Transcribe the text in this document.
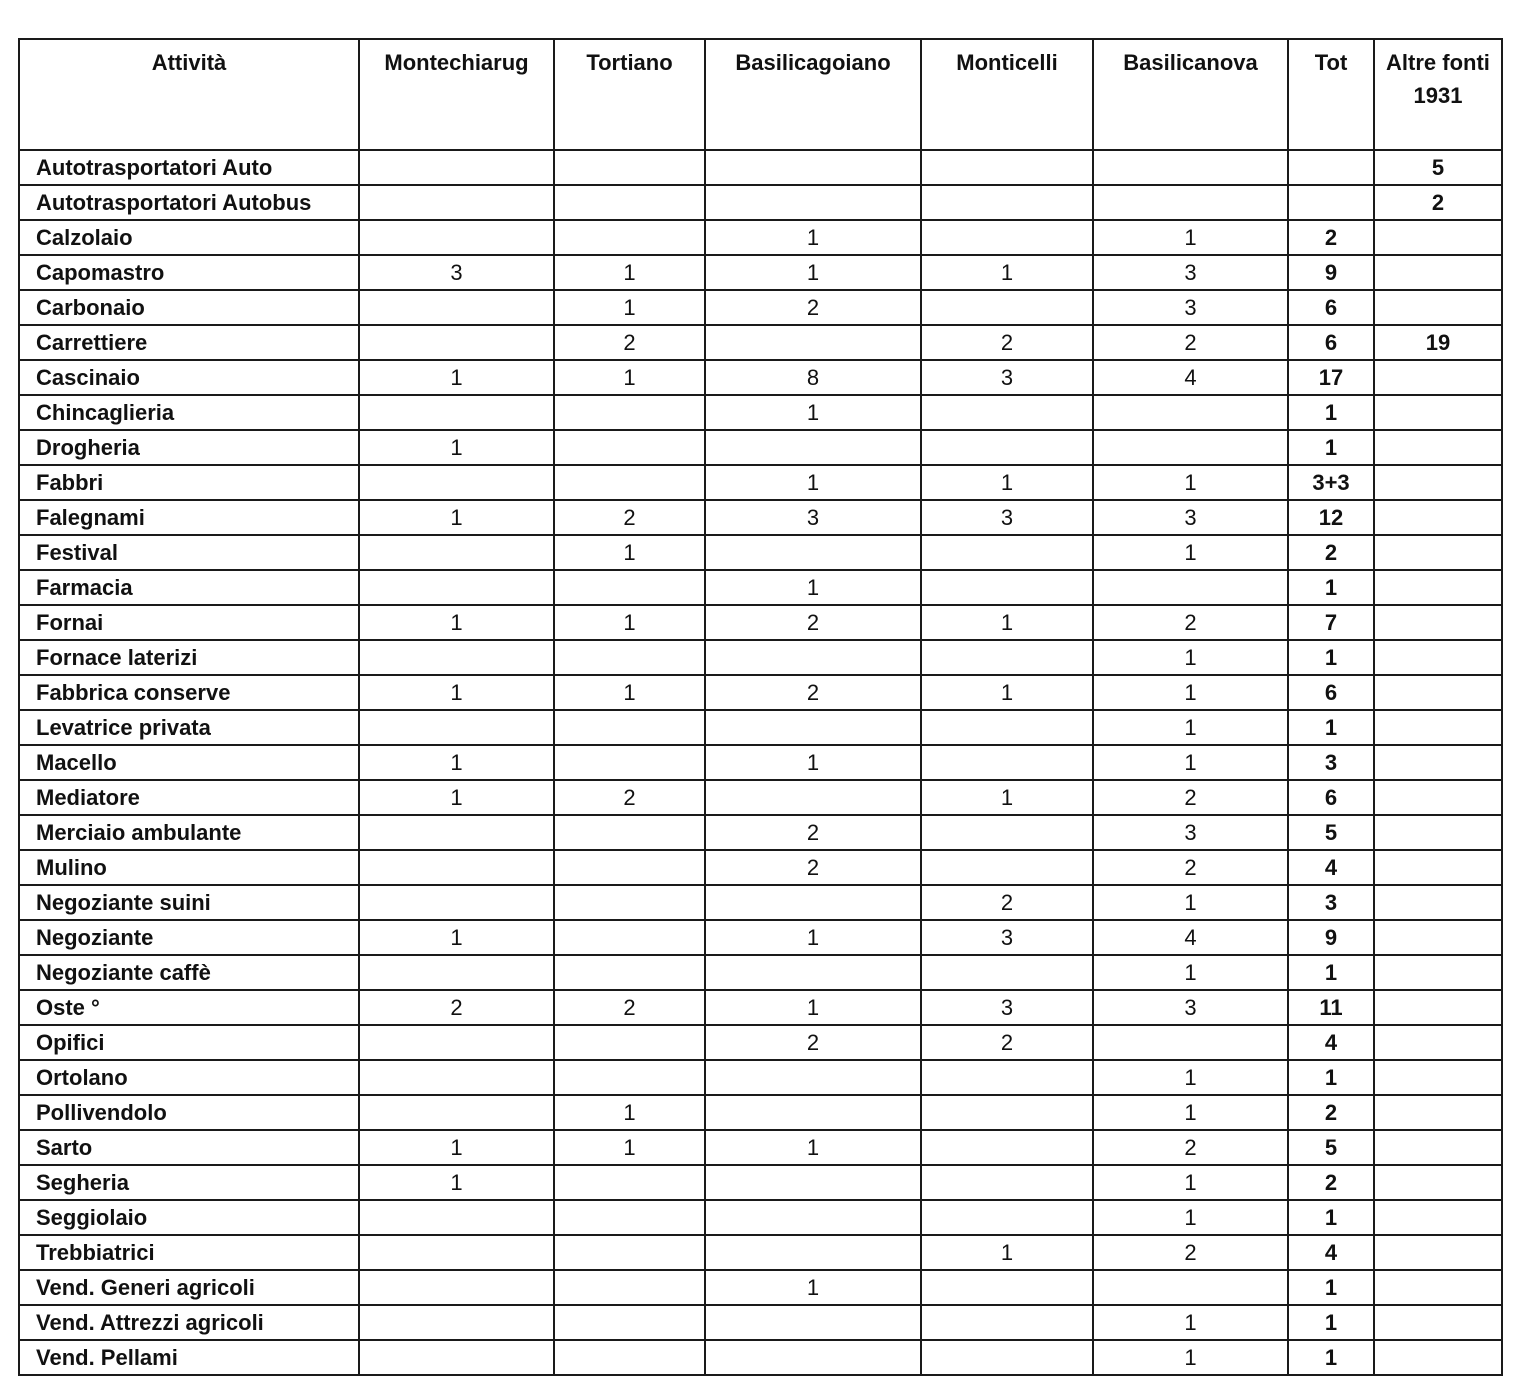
Attività	Montechiarug	Tortiano	Basilicagoiano	Monticelli	Basilicanova	Tot	Altre fonti 1931
Autotrasportatori Auto							5
Autotrasportatori Autobus							2
Calzolaio			1		1	2	
Capomastro	3	1	1	1	3	9	
Carbonaio		1	2		3	6	
Carrettiere		2		2	2	6	19
Cascinaio	1	1	8	3	4	17	
Chincaglieria			1			1	
Drogheria	1					1	
Fabbri			1	1	1	3+3	
Falegnami	1	2	3	3	3	12	
Festival		1			1	2	
Farmacia			1			1	
Fornai	1	1	2	1	2	7	
Fornace laterizi					1	1	
Fabbrica conserve	1	1	2	1	1	6	
Levatrice privata					1	1	
Macello	1		1		1	3	
Mediatore	1	2		1	2	6	
Merciaio ambulante			2		3	5	
Mulino			2		2	4	
Negoziante suini				2	1	3	
Negoziante	1		1	3	4	9	
Negoziante caffè					1	1	
Oste °	2	2	1	3	3	11	
Opifici			2	2		4	
Ortolano					1	1	
Pollivendolo		1			1	2	
Sarto	1	1	1		2	5	
Segheria	1				1	2	
Seggiolaio					1	1	
Trebbiatrici				1	2	4	
Vend. Generi agricoli			1			1	
Vend. Attrezzi agricoli					1	1	
Vend. Pellami					1	1	
